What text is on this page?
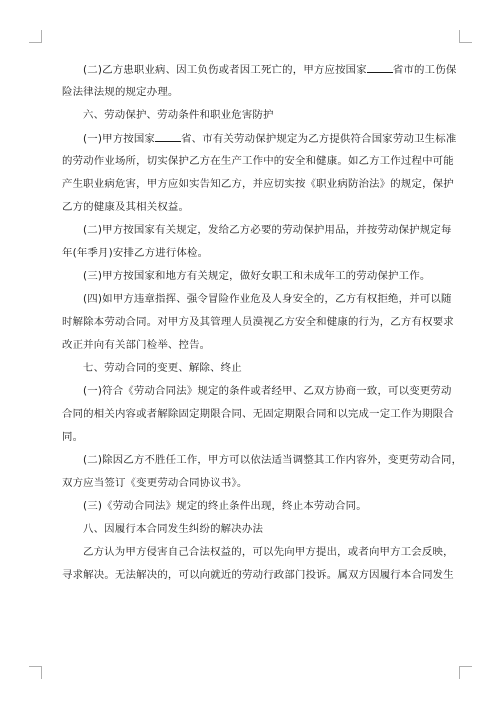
(二)乙方患职业病、因工负伤或者因工死亡的，甲方应按国家	省市的工伤保
险法律法规的规定办理。
六、劳动保护、劳动条件和职业危害防护
(一)甲方按国家	省、市有关劳动保护规定为乙方提供符合国家劳动卫生标准
的劳动作业场所，切实保护乙方在生产工作中的安全和健康。如乙方工作过程中可能
产生职业病危害，甲方应如实告知乙方，并应切实按《职业病防治法》的规定，保护
乙方的健康及其相关权益。
(二)甲方按国家有关规定，发给乙方必要的劳动保护用品，并按劳动保护规定每
年(年季月)安排乙方进行体检。
(三)甲方按国家和地方有关规定，做好女职工和未成年工的劳动保护工作。
(四)如甲方违章指挥、强令冒险作业危及人身安全的，乙方有权拒绝，并可以随
时解除本劳动合同。对甲方及其管理人员漠视乙方安全和健康的行为，乙方有权要求
改正并向有关部门检举、控告。
七、劳动合同的变更、解除、终止
(一)符合《劳动合同法》规定的条件或者经甲、乙双方协商一致，可以变更劳动
合同的相关内容或者解除固定期限合同、无固定期限合同和以完成一定工作为期限合
同。
(二)除因乙方不胜任工作，甲方可以依法适当调整其工作内容外，变更劳动合同，
双方应当签订《变更劳动合同协议书》。
(三)《劳动合同法》规定的终止条件出现，终止本劳动合同。
八、因履行本合同发生纠纷的解决办法
乙方认为甲方侵害自己合法权益的，可以先向甲方提出，或者向甲方工会反映，
寻求解决。无法解决的，可以向就近的劳动行政部门投诉。属双方因履行本合同发生
